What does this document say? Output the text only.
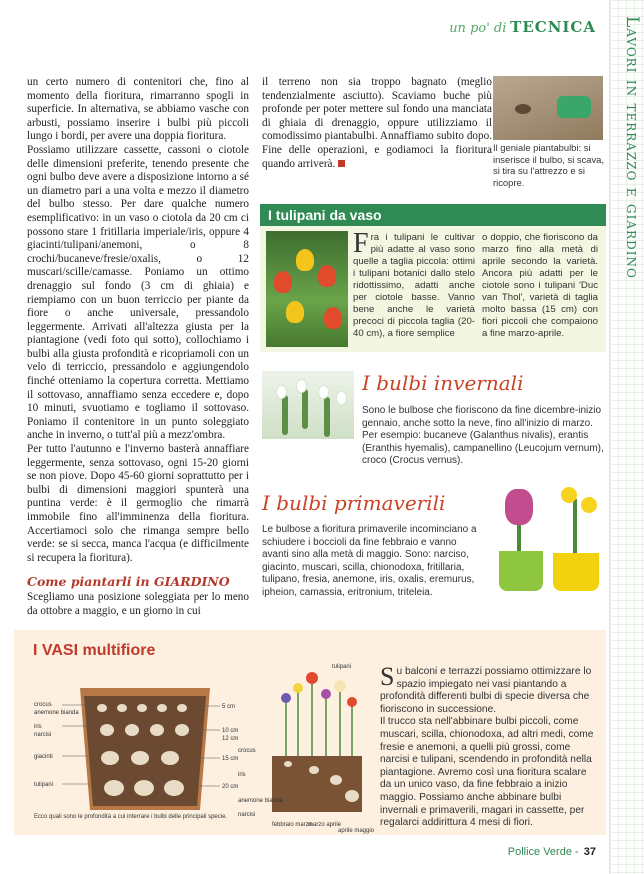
un po' di TECNICA	Lavori in terrazzo e giardino

un certo numero di contenitori che, fino al momento della fioritura, rimarranno spogli in superficie. In alternativa, se abbiamo vasche con arbusti, possiamo inserire i bulbi più piccoli lungo i bordi, per avere una doppia fioritura.

Possiamo utilizzare cassette, cassoni o ciotole delle dimensioni preferite, tenendo presente che ogni bulbo deve avere a disposizione intorno a sé un diametro pari a una volta e mezzo il diametro del bulbo stesso. Per dare qualche numero esemplificativo: in un vaso o ciotola da 20 cm ci possono stare 1 fritillaria imperiale/iris, oppure 4 giacinti/tulipani/anemoni, o 8 crochi/bucaneve/fresie/oxalis, o 12 muscari/scille/camasse. Poniamo un ottimo drenaggio sul fondo (3 cm di ghiaia) e riempiamo con un buon terriccio per piante da fiore o anche universale, pressandolo leggermente. Arrivati all'altezza giusta per la piantagione (vedi foto qui sotto), collochiamo i bulbi alla giusta profondità e ricopriamoli con un velo di terriccio, pressandolo e aggiungendolo finché otteniamo la copertura corretta. Mettiamo il sottovaso, annaffiamo senza eccedere e, dopo 10 minuti, svuotiamo e togliamo il sottovaso. Poniamo il contenitore in un punto soleggiato anche in inverno, o tutt'al più a mezz'ombra.

Per tutto l'autunno e l'inverno basterà annaffiare leggermente, senza sottovaso, ogni 15-20 giorni se non piove. Dopo 45-60 giorni soprattutto per i bulbi di dimensioni maggiori spunterà una puntina verde: è il germoglio che rimarrà immobile fino all'imminenza della fioritura. Accertiamoci solo che rimanga sempre bello verde: se si secca, manca l'acqua (e difficilmente si recupera la fioritura).

Come piantarli in GIARDINO

Scegliamo una posizione soleggiata per lo meno da ottobre a maggio, e un giorno in cui

il terreno non sia troppo bagnato (meglio tendenzialmente asciutto). Scaviamo buche più profonde per poter mettere sul fondo una manciata di ghiaia di drenaggio, oppure utilizziamo il comodissimo piantabulbi. Annaffiamo subito dopo. Fine delle operazioni, e godiamoci la fioritura quando arriverà.

Il geniale piantabulbi: si inserisce il bulbo, si scava, si tira su l'attrezzo e si ricopre.
I tulipani da vaso
Fra i tulipani le cultivar più adatte al vaso sono quelle a taglia piccola: ottimi i tulipani botanici dallo stelo ridottissimo, adatti anche per ciotole basse. Vanno bene anche le varietà precoci di piccola taglia (20-40 cm), a fiore semplice
o doppio, che fioriscono da marzo fino alla metà di aprile secondo la varietà. Ancora più adatti per le ciotole sono i tulipani 'Duc van Thol', varietà di taglia molto bassa (15 cm) con fiori piccoli che compaiono a fine marzo-aprile.
I bulbi invernali
Sono le bulbose che fioriscono da fine dicembre-inizio gennaio, anche sotto la neve, fino all'inizio di marzo. Per esempio: bucaneve (Galanthus nivalis), erantis (Eranthis hyemalis), campanellino (Leucojum vernum), croco (Crocus vernus).
I bulbi primaverili
Le bulbose a fioritura primaverile incominciano a schiudere i boccioli da fine febbraio e vanno avanti sino alla metà di maggio. Sono: narciso, giacinto, muscari, scilla, chionodoxa, fritillaria, tulipano, fresia, anemone, iris, oxalis, eremurus, ipheion, camassia, eritronium, triteleia.
I VASI multifiore
crocus
anemone bianda
iris
narcisi
giacinti
tulipani
5 cm
10 cm
12 cm
15 cm
20 cm
Ecco quali sono le profondità a cui interrare i bulbi delle principali specie.
tulipani
crocus
iris
anemone bianda
narcisi
febbraio marzo
marzo aprile
aprile maggio

Su balconi e terrazzi possiamo ottimizzare lo spazio impiegato nei vasi piantando a profondità differenti bulbi di specie diversa che fioriscono in successione.

Il trucco sta nell'abbinare bulbi piccoli, come muscari, scilla, chionodoxa, ad altri medi, come fresie e anemoni, a quelli più grossi, come narcisi e tulipani, scendendo in profondità nella piantagione. Avremo così una fioritura scalare da un unico vaso, da fine febbraio a inizio maggio. Possiamo anche abbinare bulbi invernali e primaverili, magari in cassette, per regalarci addirittura 4 mesi di fiori.

Pollice Verde - 37
